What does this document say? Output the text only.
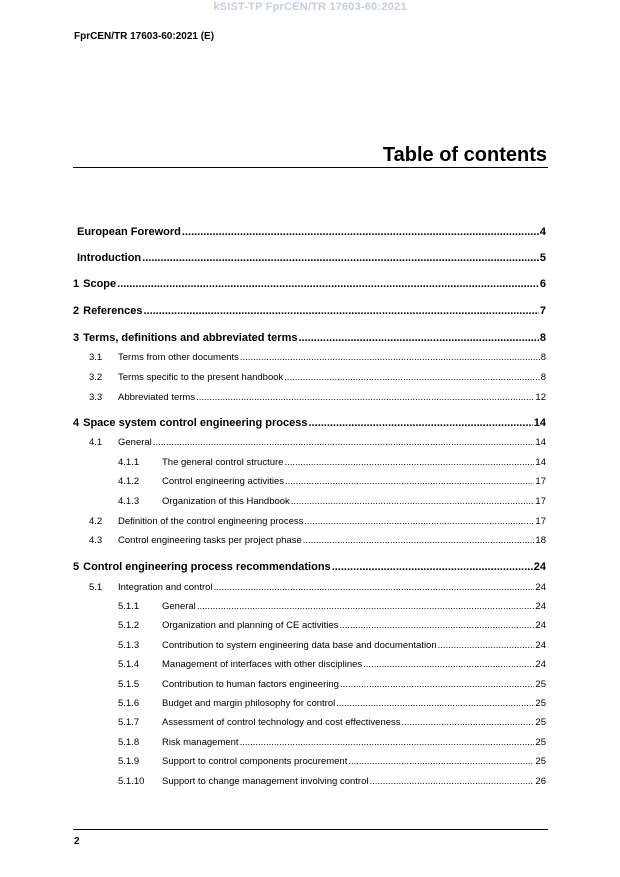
kSIST-TP FprCEN/TR 17603-60:2021
FprCEN/TR 17603-60:2021 (E)
Table of contents
European Foreword .....	4
Introduction .....	5
1 Scope .....	6
2 References .....	7
3 Terms, definitions and abbreviated terms .....	8
3.1	Terms from other documents .....	8
3.2	Terms specific to the present handbook .....	8
3.3	Abbreviated terms .....	12
4 Space system control engineering process .....	14
4.1	General .....	14
4.1.1	The general control structure .....	14
4.1.2	Control engineering activities .....	17
4.1.3	Organization of this Handbook .....	17
4.2	Definition of the control engineering process .....	17
4.3	Control engineering tasks per project phase .....	18
5 Control engineering process recommendations .....	24
5.1	Integration and control .....	24
5.1.1	General .....	24
5.1.2	Organization and planning of CE activities .....	24
5.1.3	Contribution to system engineering data base and documentation .....	24
5.1.4	Management of interfaces with other disciplines .....	24
5.1.5	Contribution to human factors engineering .....	25
5.1.6	Budget and margin philosophy for control .....	25
5.1.7	Assessment of control technology and cost effectiveness .....	25
5.1.8	Risk management .....	25
5.1.9	Support to control components procurement .....	25
5.1.10	Support to change management involving control .....	26
2
